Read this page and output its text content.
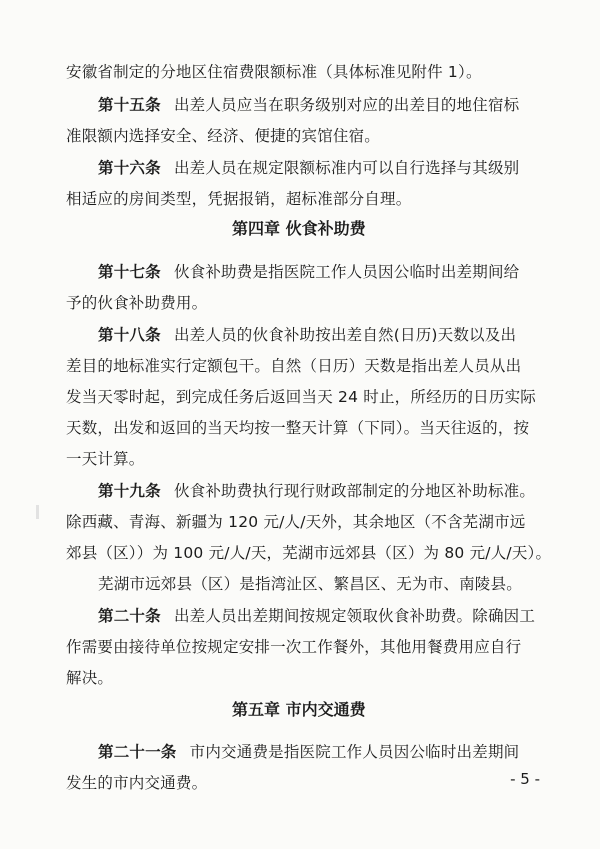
安徽省制定的分地区住宿费限额标准（具体标准见附件 1）。
第十五条 出差人员应当在职务级别对应的出差目的地住宿标
准限额内选择安全、经济、便捷的宾馆住宿。
第十六条 出差人员在规定限额标准内可以自行选择与其级别
相适应的房间类型，凭据报销，超标准部分自理。
第四章 伙食补助费
第十七条 伙食补助费是指医院工作人员因公临时出差期间给
予的伙食补助费用。
第十八条 出差人员的伙食补助按出差自然(日历)天数以及出
差目的地标准实行定额包干。自然（日历）天数是指出差人员从出
发当天零时起，到完成任务后返回当天 24 时止，所经历的日历实际
天数，出发和返回的当天均按一整天计算（下同）。当天往返的，按
一天计算。
第十九条 伙食补助费执行现行财政部制定的分地区补助标准。
除西藏、青海、新疆为 120 元/人/天外，其余地区（不含芜湖市远
郊县（区））为 100 元/人/天，芜湖市远郊县（区）为 80 元/人/天）。
芜湖市远郊县（区）是指湾沚区、繁昌区、无为市、南陵县。
第二十条 出差人员出差期间按规定领取伙食补助费。除确因工
作需要由接待单位按规定安排一次工作餐外，其他用餐费用应自行
解决。
第五章 市内交通费
第二十一条 市内交通费是指医院工作人员因公临时出差期间
发生的市内交通费。	- 5 -
